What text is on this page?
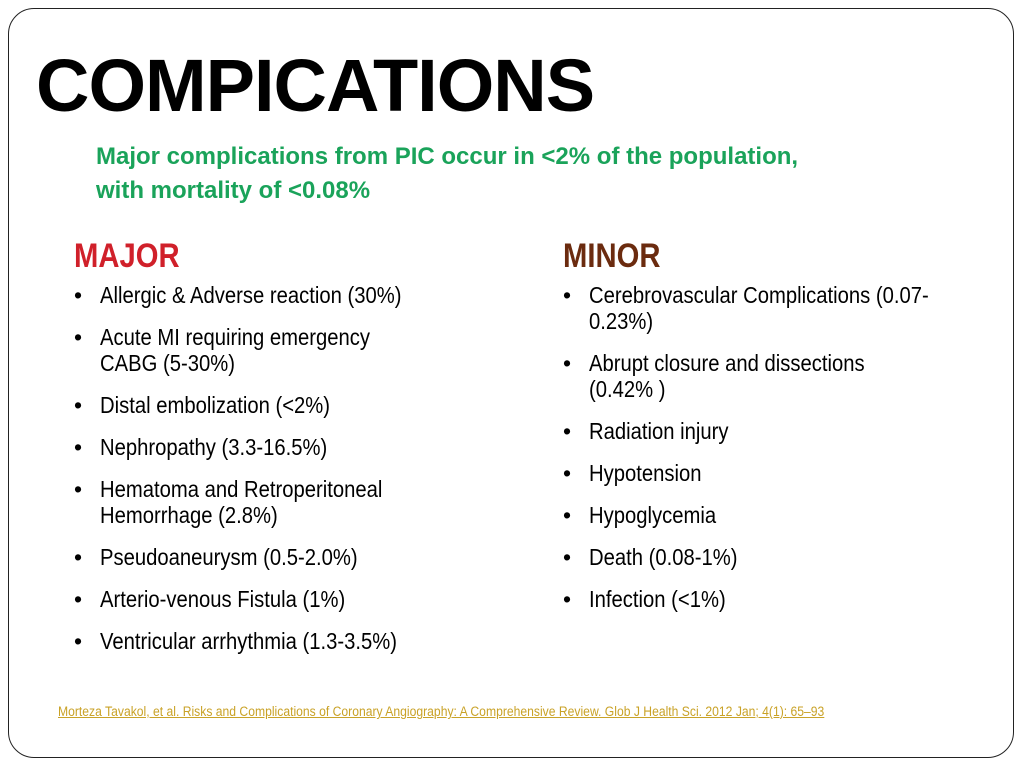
COMPICATIONS
Major complications from PIC occur in <2% of the population,
with mortality of <0.08%
MAJOR
• Allergic & Adverse reaction (30%)
• Acute MI requiring emergency CABG (5-30%)
• Distal embolization (<2%)
• Nephropathy (3.3-16.5%)
• Hematoma and Retroperitoneal Hemorrhage (2.8%)
• Pseudoaneurysm (0.5-2.0%)
• Arterio-venous Fistula (1%)
• Ventricular arrhythmia (1.3-3.5%)
MINOR
• Cerebrovascular Complications (0.07-0.23%)
• Abrupt closure and dissections (0.42% )
• Radiation injury
• Hypotension
• Hypoglycemia
• Death (0.08-1%)
• Infection (<1%)
Morteza Tavakol, et al. Risks and Complications of Coronary Angiography: A Comprehensive Review. Glob J Health Sci. 2012 Jan; 4(1): 65–93
